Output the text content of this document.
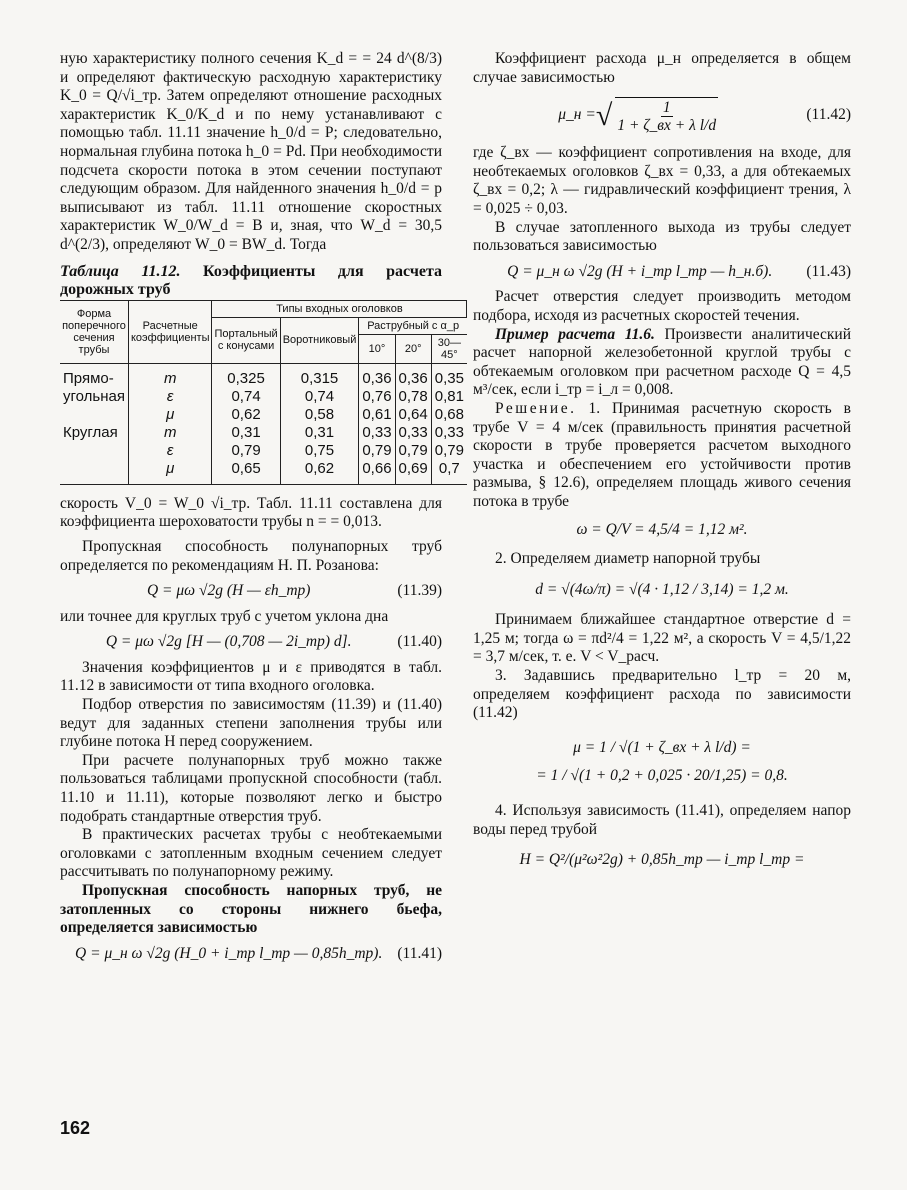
ную характеристику полного сечения K_d = = 24 d^(8/3) и определяют фактическую расходную характеристику K_0 = Q/√i_тр. Затем определяют отношение расходных характеристик K_0/K_d и по нему устанавливают с помощью табл. 11.11 значение h_0/d = P; следовательно, нормальная глубина потока h_0 = Pd. При необходимости подсчета скорости потока в этом сечении поступают следующим образом. Для найденного значения h_0/d = p выписывают из табл. 11.11 отношение скоростных характеристик W_0/W_d = B и, зная, что W_d = 30,5 d^(2/3), определяют W_0 = BW_d. Тогда

Таблица 11.12. Коэффициенты для расчета дорожных труб

Форма поперечного сечения трубы	Расчетные коэффициенты	Типы входных оголовков				
		Портальный с конусами	Воротниковый	Раструбный с α_р		
				10°	20°	30—45°
Прямо-	m	0,325	0,315	0,36	0,36	0,35
угольная	ε	0,74	0,74	0,76	0,78	0,81
	μ	0,62	0,58	0,61	0,64	0,68
Круглая	m	0,31	0,31	0,33	0,33	0,33
	ε	0,79	0,75	0,79	0,79	0,79
	μ	0,65	0,62	0,66	0,69	0,7

скорость V_0 = W_0 √i_тр. Табл. 11.11 составлена для коэффициента шероховатости трубы n = = 0,013.

Пропускная способность полунапорных труб определяется по рекомендациям Н. П. Розанова:

Q = μω √2g (H — εh_тр)	(11.39)

или точнее для круглых труб с учетом уклона дна

Q = μω √2g [H — (0,708 — 2i_тр) d].	(11.40)

Значения коэффициентов μ и ε приводятся в табл. 11.12 в зависимости от типа входного оголовка.

Подбор отверстия по зависимостям (11.39) и (11.40) ведут для заданных степени заполнения трубы или глубине потока H перед сооружением.

При расчете полунапорных труб можно также пользоваться таблицами пропускной способности (табл. 11.10 и 11.11), которые позволяют легко и быстро подобрать стандартные отверстия труб.

В практических расчетах трубы с необтекаемыми оголовками с затопленным входным сечением следует рассчитывать по полунапорному режиму.

Пропускная способность напорных труб, не затопленных со стороны нижнего бьефа, определяется зависимостью

Q = μ_н ω √2g (H_0 + i_тр l_тр — 0,85h_тр). (11.41)

Коэффициент расхода μ_н определяется в общем случае зависимостью

μ_н = √ $\frac{1}{\text{1 + ζ\_вх + λ l/d}}$	(11.42)

где ζ_вх — коэффициент сопротивления на входе, для необтекаемых оголовков ζ_вх = 0,33, а для обтекаемых ζ_вх = 0,2; λ — гидравлический коэффициент трения, λ = 0,025 ÷ 0,03.

В случае затопленного выхода из трубы следует пользоваться зависимостью

Q = μ_н ω √2g (H + i_тр l_тр — h_н.б). (11.43)

Расчет отверстия следует производить методом подбора, исходя из расчетных скоростей течения.

Пример расчета 11.6. Произвести аналитический расчет напорной железобетонной круглой трубы с обтекаемым оголовком при расчетном расходе Q = 4,5 м³/сек, если i_тр = i_л = 0,008.

Решение. 1. Принимая расчетную скорость в трубе V = 4 м/сек (правильность принятия расчетной скорости в трубе проверяется расчетом выходного участка и обеспечением его устойчивости против размыва, § 12.6), определяем площадь живого сечения потока в трубе

ω = Q/V = 4,5/4 = 1,12 м².

2. Определяем диаметр напорной трубы

d = √(4ω/π) = √(4 · 1,12 / 3,14) = 1,2 м.

Принимаем ближайшее стандартное отверстие d = 1,25 м; тогда ω = πd²/4 = 1,22 м², а скорость V = 4,5/1,22 = 3,7 м/сек, т. е. V < V_расч.

3. Задавшись предварительно l_тр = 20 м, определяем коэффициент расхода по зависимости (11.42)

μ = 1 / √(1 + ζ_вх + λ l/d) =
= 1 / √(1 + 0,2 + 0,025 · 20/1,25) = 0,8.

4. Используя зависимость (11.41), определяем напор воды перед трубой

H = Q²/(μ²ω²2g) + 0,85h_тр — i_тр l_тр =
162
